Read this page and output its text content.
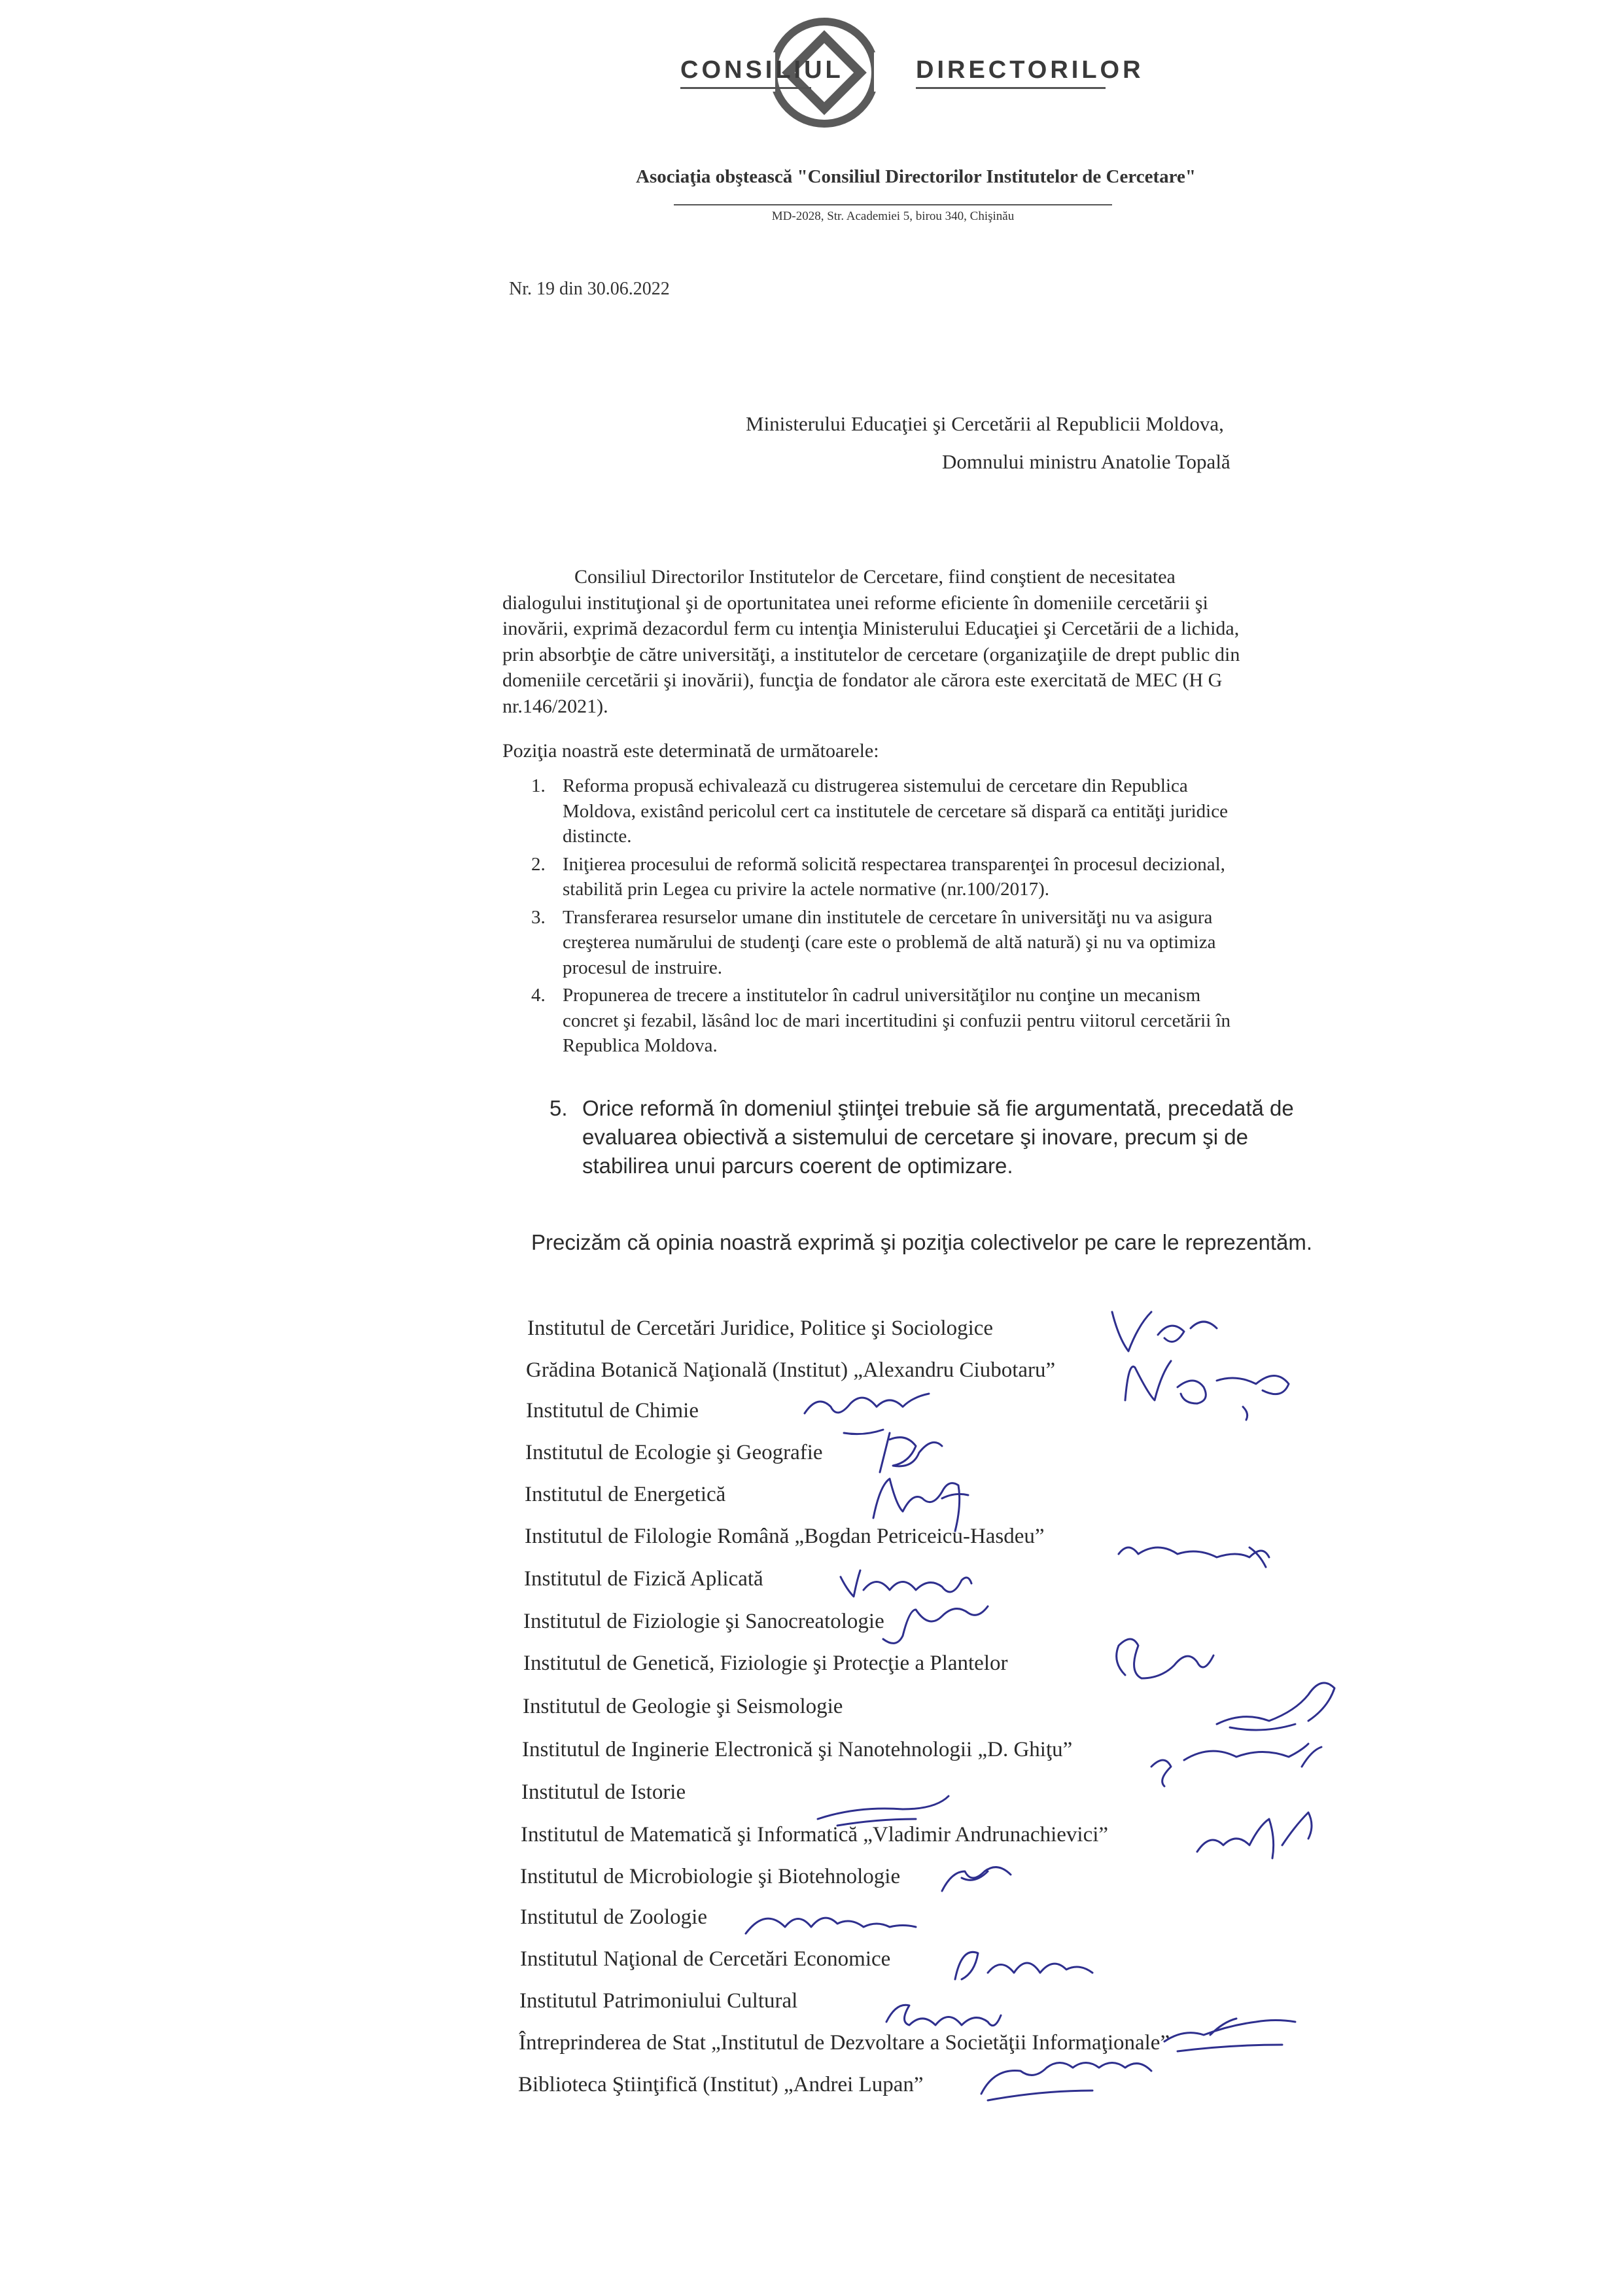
CONSILIUL	DIRECTORILOR
Asociaţia obştească "Consiliul Directorilor Institutelor de Cercetare"
MD-2028, Str. Academiei 5, birou 340, Chişinău
Nr. 19 din 30.06.2022
Ministerului Educaţiei şi Cercetării al Republicii Moldova,
Domnului ministru Anatolie Topală
Consiliul Directorilor Institutelor de Cercetare, fiind conştient de necesitatea dialogului instituţional şi de oportunitatea unei reforme eficiente în domeniile cercetării şi inovării, exprimă dezacordul ferm cu intenţia Ministerului Educaţiei şi Cercetării de a lichida, prin absorbţie de către universităţi, a institutelor de cercetare (organizaţiile de drept public din domeniile cercetării şi inovării), funcţia de fondator ale cărora este exercitată de MEC (H G nr.146/2021).
Poziţia noastră este determinată de următoarele:
1. Reforma propusă echivalează cu distrugerea sistemului de cercetare din Republica Moldova, existând pericolul cert ca institutele de cercetare să dispară ca entităţi juridice distincte.
2. Iniţierea procesului de reformă solicită respectarea transparenţei în procesul decizional, stabilită prin Legea cu privire la actele normative (nr.100/2017).
3. Transferarea resurselor umane din institutele de cercetare în universităţi nu va asigura creşterea numărului de studenţi (care este o problemă de altă natură) şi nu va optimiza procesul de instruire.
4. Propunerea de trecere a institutelor în cadrul universităţilor nu conţine un mecanism concret şi fezabil, lăsând loc de mari incertitudini şi confuzii pentru viitorul cercetării în Republica Moldova.
5. Orice reformă în domeniul ştiinţei trebuie să fie argumentată, precedată de evaluarea obiectivă a sistemului de cercetare şi inovare, precum şi de stabilirea unui parcurs coerent de optimizare.
Precizăm că opinia noastră exprimă şi poziţia colectivelor pe care le reprezentăm.
Institutul de Cercetări Juridice, Politice şi Sociologice
Grădina Botanică Naţională (Institut) „Alexandru Ciubotaru”
Institutul de Chimie
Institutul de Ecologie şi Geografie
Institutul de Energetică
Institutul de Filologie Română „Bogdan Petriceicu-Hasdeu”
Institutul de Fizică Aplicată
Institutul de Fiziologie şi Sanocreatologie
Institutul de Genetică, Fiziologie şi Protecţie a Plantelor
Institutul de Geologie şi Seismologie
Institutul de Inginerie Electronică şi Nanotehnologii „D. Ghiţu”
Institutul de Istorie
Institutul de Matematică şi Informatică „Vladimir Andrunachievici”
Institutul de Microbiologie şi Biotehnologie
Institutul de Zoologie
Institutul Naţional de Cercetări Economice
Institutul Patrimoniului Cultural
Întreprinderea de Stat „Institutul de Dezvoltare a Societăţii Informaţionale”
Biblioteca Ştiinţifică (Institut) „Andrei Lupan”
